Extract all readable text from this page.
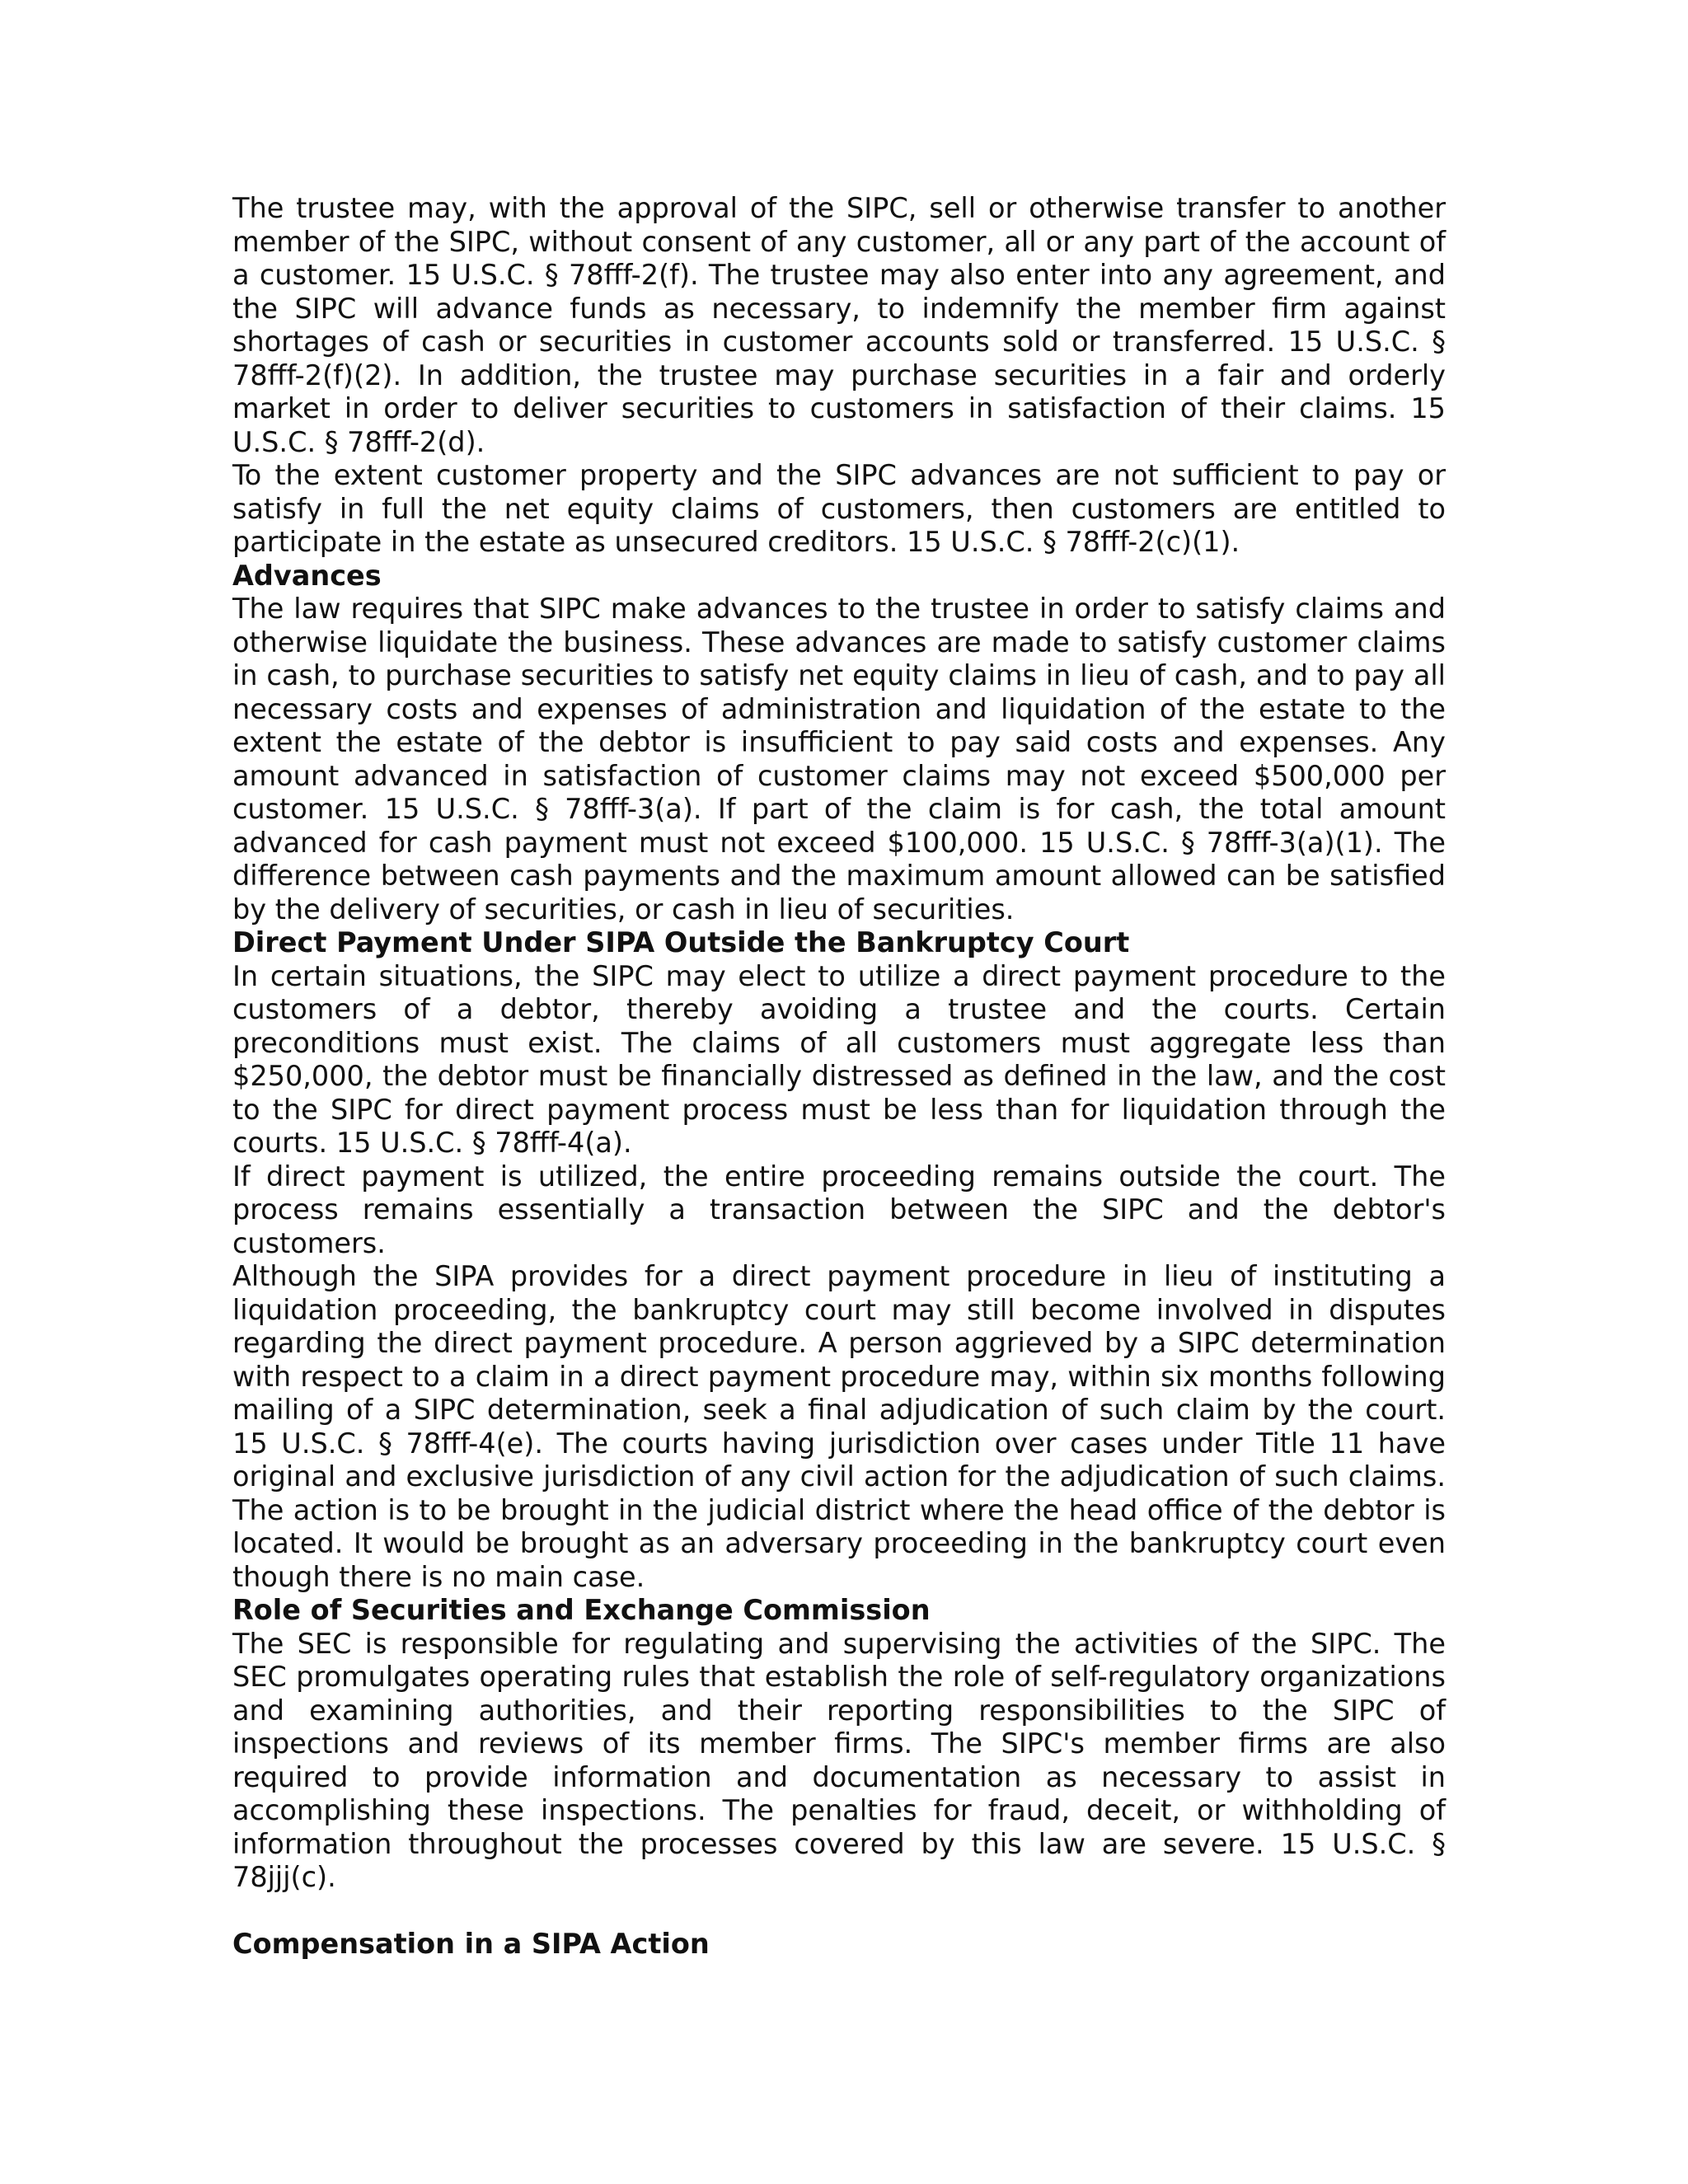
The trustee may, with the approval of the SIPC, sell or otherwise transfer to another member of the SIPC, without consent of any customer, all or any part of the account of a customer. 15 U.S.C. § 78fff-2(f). The trustee may also enter into any agreement, and the SIPC will advance funds as necessary, to indemnify the member firm against shortages of cash or securities in customer accounts sold or transferred. 15 U.S.C. § 78fff-2(f)(2). In addition, the trustee may purchase securities in a fair and orderly market in order to deliver securities to customers in satisfaction of their claims. 15 U.S.C. § 78fff-2(d).

To the extent customer property and the SIPC advances are not sufficient to pay or satisfy in full the net equity claims of customers, then customers are entitled to participate in the estate as unsecured creditors. 15 U.S.C. § 78fff-2(c)(1).

Advances

The law requires that SIPC make advances to the trustee in order to satisfy claims and otherwise liquidate the business. These advances are made to satisfy customer claims in cash, to purchase securities to satisfy net equity claims in lieu of cash, and to pay all necessary costs and expenses of administration and liquidation of the estate to the extent the estate of the debtor is insufficient to pay said costs and expenses. Any amount advanced in satisfaction of customer claims may not exceed $500,000 per customer. 15 U.S.C. § 78fff-3(a). If part of the claim is for cash, the total amount advanced for cash payment must not exceed $100,000. 15 U.S.C. § 78fff-3(a)(1). The difference between cash payments and the maximum amount allowed can be satisfied by the delivery of securities, or cash in lieu of securities.

Direct Payment Under SIPA Outside the Bankruptcy Court

In certain situations, the SIPC may elect to utilize a direct payment procedure to the customers of a debtor, thereby avoiding a trustee and the courts. Certain preconditions must exist. The claims of all customers must aggregate less than $250,000, the debtor must be financially distressed as defined in the law, and the cost to the SIPC for direct payment process must be less than for liquidation through the courts. 15 U.S.C. § 78fff-4(a).

If direct payment is utilized, the entire proceeding remains outside the court. The process remains essentially a transaction between the SIPC and the debtor's customers.

Although the SIPA provides for a direct payment procedure in lieu of instituting a liquidation proceeding, the bankruptcy court may still become involved in disputes regarding the direct payment procedure. A person aggrieved by a SIPC determination with respect to a claim in a direct payment procedure may, within six months following mailing of a SIPC determination, seek a final adjudication of such claim by the court. 15 U.S.C. § 78fff-4(e). The courts having jurisdiction over cases under Title 11 have original and exclusive jurisdiction of any civil action for the adjudication of such claims. The action is to be brought in the judicial district where the head office of the debtor is located. It would be brought as an adversary proceeding in the bankruptcy court even though there is no main case.

Role of Securities and Exchange Commission

The SEC is responsible for regulating and supervising the activities of the SIPC. The SEC promulgates operating rules that establish the role of self-regulatory organizations and examining authorities, and their reporting responsibilities to the SIPC of inspections and reviews of its member firms. The SIPC's member firms are also required to provide information and documentation as necessary to assist in accomplishing these inspections. The penalties for fraud, deceit, or withholding of information throughout the processes covered by this law are severe. 15 U.S.C. § 78jjj(c).

Compensation in a SIPA Action
